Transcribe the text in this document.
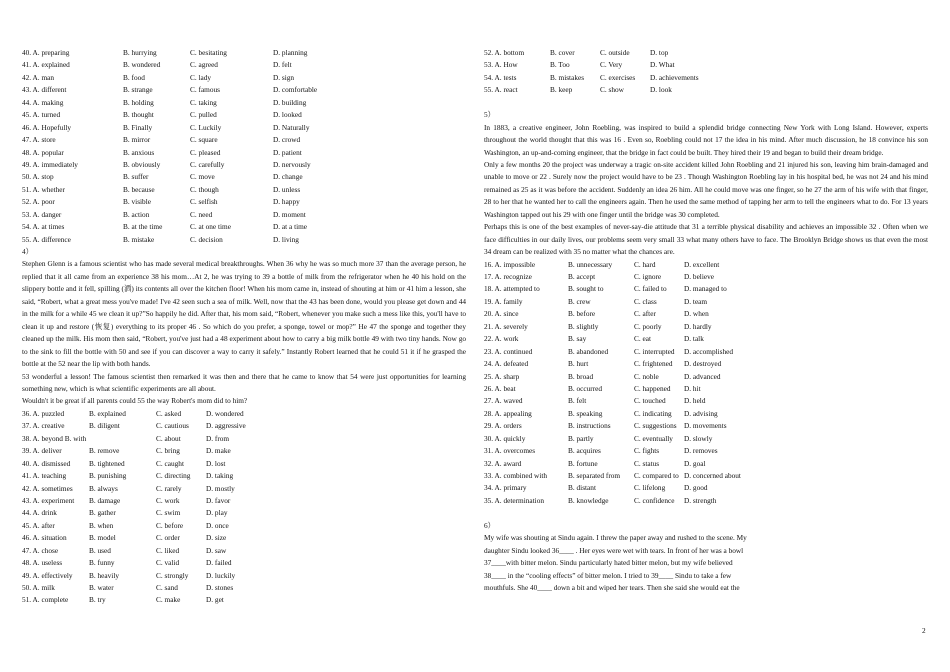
40. A. preparing	B. hurrying	C. besitating	D. planning
41. A. explained	B. wondered	C. agreed	D. felt
42. A. man	B. food	C. lady	D. sign
43. A. different	B. strange	C. famous	D. comfortable
44. A. making	B. holding	C. taking	D. building
45. A. turned	B. thought	C. pulled	D. looked
46. A. Hopefully	B. Finally	C. Luckily	D. Naturally
47. A. store	B. mirror	C. square	D. crowd
48. A. popular	B. anxious	C. pleased	D. patient
49. A. immediately	B. obviously	C. carefully	D. nervously
50. A. stop	B. suffer	C. move	D. change
51. A. whether	B. because	C. though	D. unless
52. A. poor	B. visible	C. selfish	D. happy
53. A. danger	B. action	C. need	D. moment
54. A. at times	B. at the time	C. at one time	D. at a time
55. A. difference	B. mistake	C. decision	D. living
4）

Stephen Glenn is a famous scientist who has made several medical breakthroughs. When 36 why he was so much more 37 than the average person, he replied that it all came from an experience 38 his mom…At 2, he was trying to 39 a bottle of milk from the refrigerator when he 40 his hold on the slippery bottle and it fell, spilling (洒) its contents all over the kitchen floor! When his mom came in, instead of shouting at him or 41 him a lesson, she said, “Robert, what a great mess you've made! I've 42 seen such a sea of milk. Well, now that the 43 has been done, would you please get down and 44 in the milk for a while 45 we clean it up?”So happily he did. After that, his mom said, “Robert, whenever you make such a mess like this, you'll have to clean it up and restore (恢复) everything to its proper 46 . So which do you prefer, a sponge, towel or mop?” He 47 the sponge and together they cleaned up the milk. His mom then said, “Robert, you've just had a 48 experiment about how to carry a big milk bottle 49 with two tiny hands. Now go to the sink to fill the bottle with 50 and see if you can discover a way to carry it safely.” Instantly Robert learned that he could 51 it if he grasped the bottle at the 52 near the lip with both hands.

53 wonderful a lesson! The famous scientist then remarked it was then and there that he came to know that 54 were just opportunities for learning something new, which is what scientific experiments are all about.

Wouldn't it be great if all parents could 55 the way Robert's mom did to him?

36. A. puzzled	B. explained	C. asked	D. wondered
37. A. creative	B. diligent	C. cautious D. aggressive
38. A. beyond B. with	C. about	D. from
39. A. deliver	B. remove	C. bring	D. make
40. A. dismissed	B. tightened	C. caught	D. lost
41. A. teaching	B. punishing	C. directing D. taking
42. A. sometimes B. always	C. rarely	D. mostly
43. A. experiment B. damage	C. work	D. favor
44. A. drink	B. gather	C. swim	D. play
45. A. after	B. when	C. before	D. once
46. A. situation	B. model	C. order	D. size
47. A. chose	B. used	C. liked	D. saw
48. A. useless	B. funny	C. valid	D. failed
49. A. effectively B. heavily	C. strongly D. luckily
50. A. milk	B. water	C. sand	D. stones
51. A. complete	B. try	C. make	D. get
52. A. bottom	B. cover	C. outside	D. top
53. A. How	B. Too	C. Very	D. What
54. A. tests	B. mistakes C. exercises D. achievements
55. A. react	B. keep	C. show	D. look
5）

In 1883, a creative engineer, John Roebling, was inspired to build a splendid bridge connecting New York with Long Island. However, experts throughout the world thought that this was 16 . Even so, Roebling could not 17 the idea in his mind. After much discussion, he 18 convince his son Washington, an up-and-coming engineer, that the bridge in fact could be built. They hired their 19 and began to build their dream bridge.

Only a few months 20 the project was underway a tragic on-site accident killed John Roebling and 21 injured his son, leaving him brain-damaged and unable to move or 22 . Surely now the project would have to be 23 . Though Washington Roebling lay in his hospital bed, he was not 24 and his mind remained as 25 as it was before the accident. Suddenly an idea 26 him. All he could move was one finger, so he 27 the arm of his wife with that finger, 28 to her that he wanted her to call the engineers again. Then he used the same method of tapping her arm to tell the engineers what to do. For 13 years Washington tapped out his 29 with one finger until the bridge was 30 completed.

Perhaps this is one of the best examples of never-say-die attitude that 31 a terrible physical disability and achieves an impossible 32 . Often when we face difficulties in our daily lives, our problems seem very small 33 what many others have to face. The Brooklyn Bridge shows us that even the most 34 dream can be realized with 35 no matter what the chances are.

16. A. impossible	B. unnecessary	C. hard	D. excellent
17. A. recognize	B. accept	C. ignore	D. believe
18. A. attempted to	B. sought to	C. failed to D. managed to
19. A. family	B. crew	C. class	D. team
20. A. since	B. before	C. after	D. when
21. A. severely	B. slightly	C. poorly	D. hardly
22. A. work	B. say	C. eat	D. talk
23. A. continued	B. abandoned	C. interrupted D. accomplished
24. A. defeated	B. hurt	C. frightened D. destroyed
25. A. sharp	B. broad	C. noble	D. advanced
26. A. beat	B. occurred	C. happened D. hit
27. A. waved	B. felt	C. touched	D. held
28. A. appealing	B. speaking	C. indicating D. advising
29. A. orders	B. instructions	C. suggestions D. movements
30. A. quickly	B. partly	C. eventually D. slowly
31. A. overcomes	B. acquires	C. fights	D. removes
32. A. award	B. fortune	C. status	D. goal
33. A. combined with	B. separated from C. compared to D. concerned about
34. A. primary	B. distant	C. lifelong	D. good
35. A. determination	B. knowledge	C. confidence D. strength
6）
My wife was shouting at Sindu again. I threw the paper away and rushed to the scene. My
daughter Sindu looked 36____ . Her eyes were wet with tears. In front of her was a bowl
37____with bitter melon. Sindu particularly hated bitter melon, but my wife believed
38____ in the “cooling effects” of bitter melon. I tried to 39____ Sindu to take a few
mouthfuls. She 40____ down a bit and wiped her tears. Then she said she would eat the
2
